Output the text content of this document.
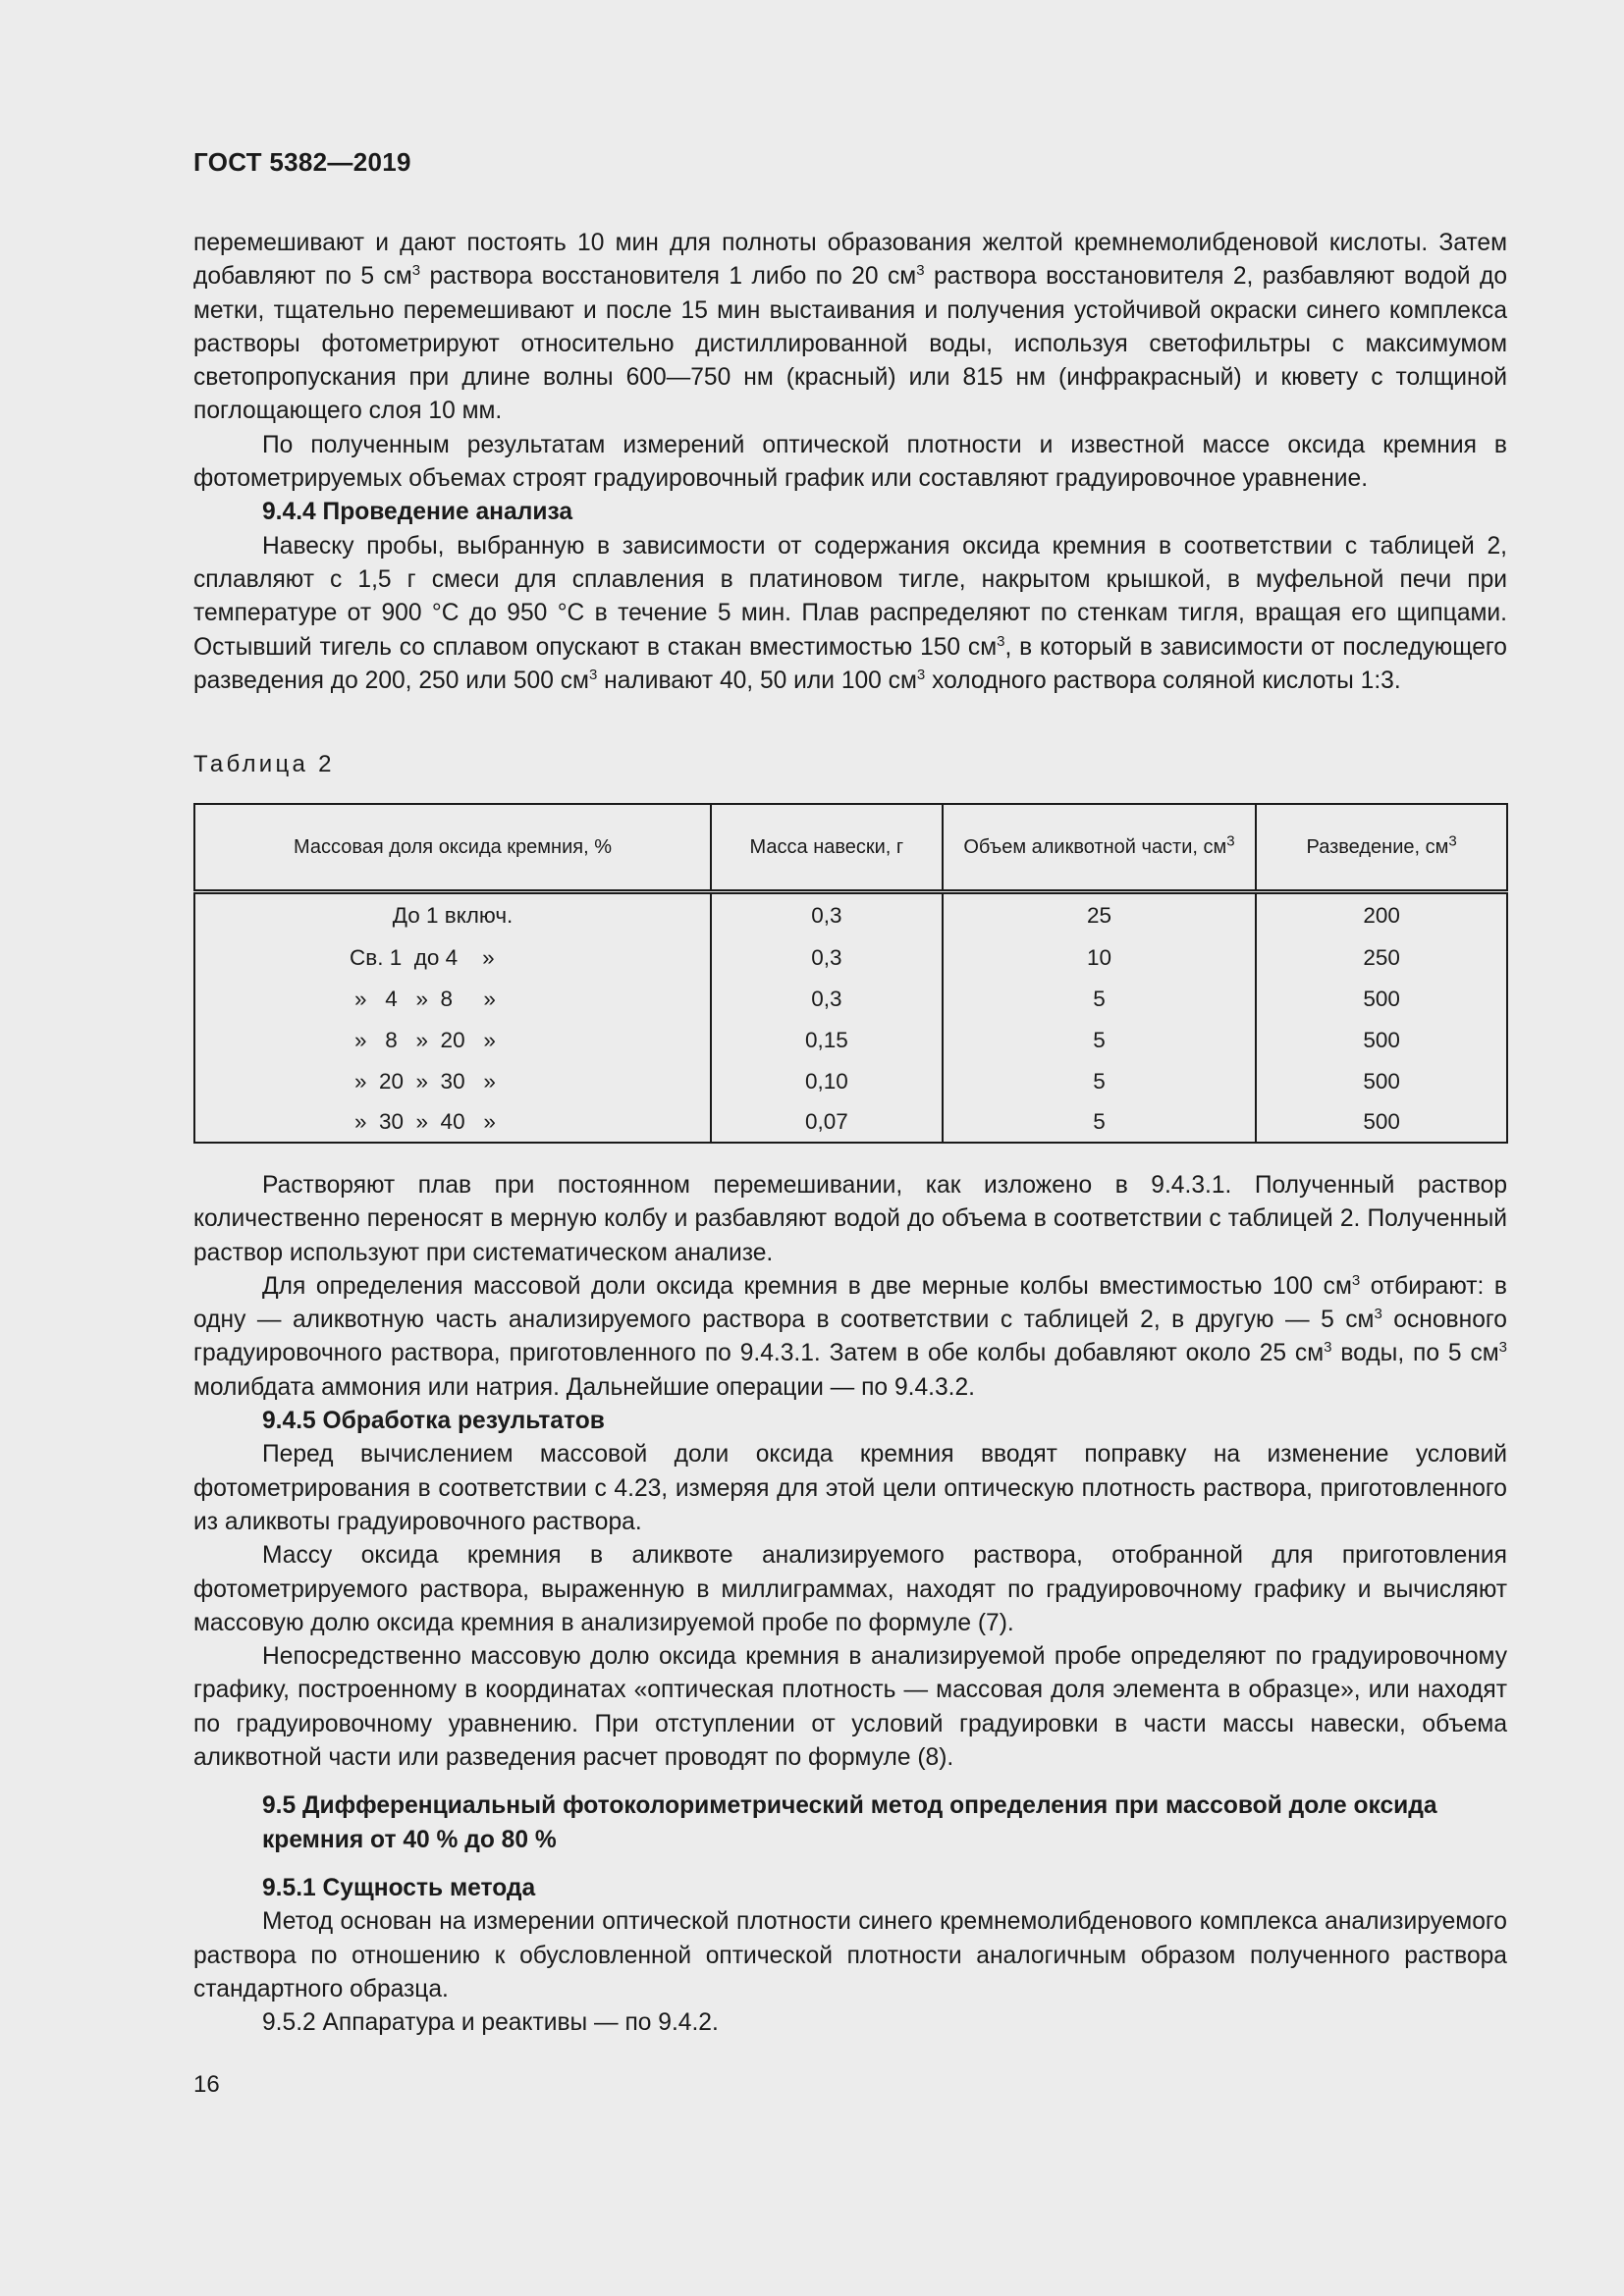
ГОСТ 5382—2019

перемешивают и дают постоять 10 мин для полноты образования желтой кремнемолибденовой кислоты. Затем добавляют по 5 $см^3$ раствора восстановителя 1 либо по 20 $см^3$ раствора восстановителя 2, разбавляют водой до метки, тщательно перемешивают и после 15 мин выстаивания и получения устойчивой окраски синего комплекса растворы фотометрируют относительно дистиллированной воды, используя светофильтры с максимумом светопропускания при длине волны 600—750 нм (красный) или 815 нм (инфракрасный) и кювету с толщиной поглощающего слоя 10 мм.

По полученным результатам измерений оптической плотности и известной массе оксида кремния в фотометрируемых объемах строят градуировочный график или составляют градуировочное уравнение.

9.4.4 Проведение анализа

Навеску пробы, выбранную в зависимости от содержания оксида кремния в соответствии с таблицей 2, сплавляют с 1,5 г смеси для сплавления в платиновом тигле, накрытом крышкой, в муфельной печи при температуре от 900 °С до 950 °С в течение 5 мин. Плав распределяют по стенкам тигля, вращая его щипцами. Остывший тигель со сплавом опускают в стакан вместимостью 150 $см^3$, в который в зависимости от последующего разведения до 200, 250 или 500 $см^3$ наливают 40, 50 или 100 $см^3$ холодного раствора соляной кислоты 1:3.

Таблица 2
Массовая доля оксида кремния, %	Масса навески, г	Объем аликвотной части, $см^3$	Разведение, $см^3$

До 1 включ.	0,3	25	200

Св. 1  до 4    »	0,3	10	250

»   4   »  8     »	0,3	5	500

»   8   »  20   »	0,15	5	500

»  20  »  30   »	0,10	5	500

»  30  »  40   »	0,07	5	500

Растворяют плав при постоянном перемешивании, как изложено в 9.4.3.1. Полученный раствор количественно переносят в мерную колбу и разбавляют водой до объема в соответствии с таблицей 2. Полученный раствор используют при систематическом анализе.

Для определения массовой доли оксида кремния в две мерные колбы вместимостью 100 $см^3$ отбирают: в одну — аликвотную часть анализируемого раствора в соответствии с таблицей 2, в другую — 5 $см^3$ основного градуировочного раствора, приготовленного по 9.4.3.1. Затем в обе колбы добавляют около 25 $см^3$ воды, по 5 $см^3$ молибдата аммония или натрия. Дальнейшие операции — по 9.4.3.2.

9.4.5 Обработка результатов

Перед вычислением массовой доли оксида кремния вводят поправку на изменение условий фотометрирования в соответствии с 4.23, измеряя для этой цели оптическую плотность раствора, приготовленного из аликвоты градуировочного раствора.

Массу оксида кремния в аликвоте анализируемого раствора, отобранной для приготовления фотометрируемого раствора, выраженную в миллиграммах, находят по градуировочному графику и вычисляют массовую долю оксида кремния в анализируемой пробе по формуле (7).

Непосредственно массовую долю оксида кремния в анализируемой пробе определяют по градуировочному графику, построенному в координатах «оптическая плотность — массовая доля элемента в образце», или находят по градуировочному уравнению. При отступлении от условий градуировки в части массы навески, объема аликвотной части или разведения расчет проводят по формуле (8).

9.5 Дифференциальный фотоколориметрический метод определения при массовой доле оксида кремния от 40 % до 80 %

9.5.1 Сущность метода

Метод основан на измерении оптической плотности синего кремнемолибденового комплекса анализируемого раствора по отношению к обусловленной оптической плотности аналогичным образом полученного раствора стандартного образца.

9.5.2 Аппаратура и реактивы — по 9.4.2.

16
